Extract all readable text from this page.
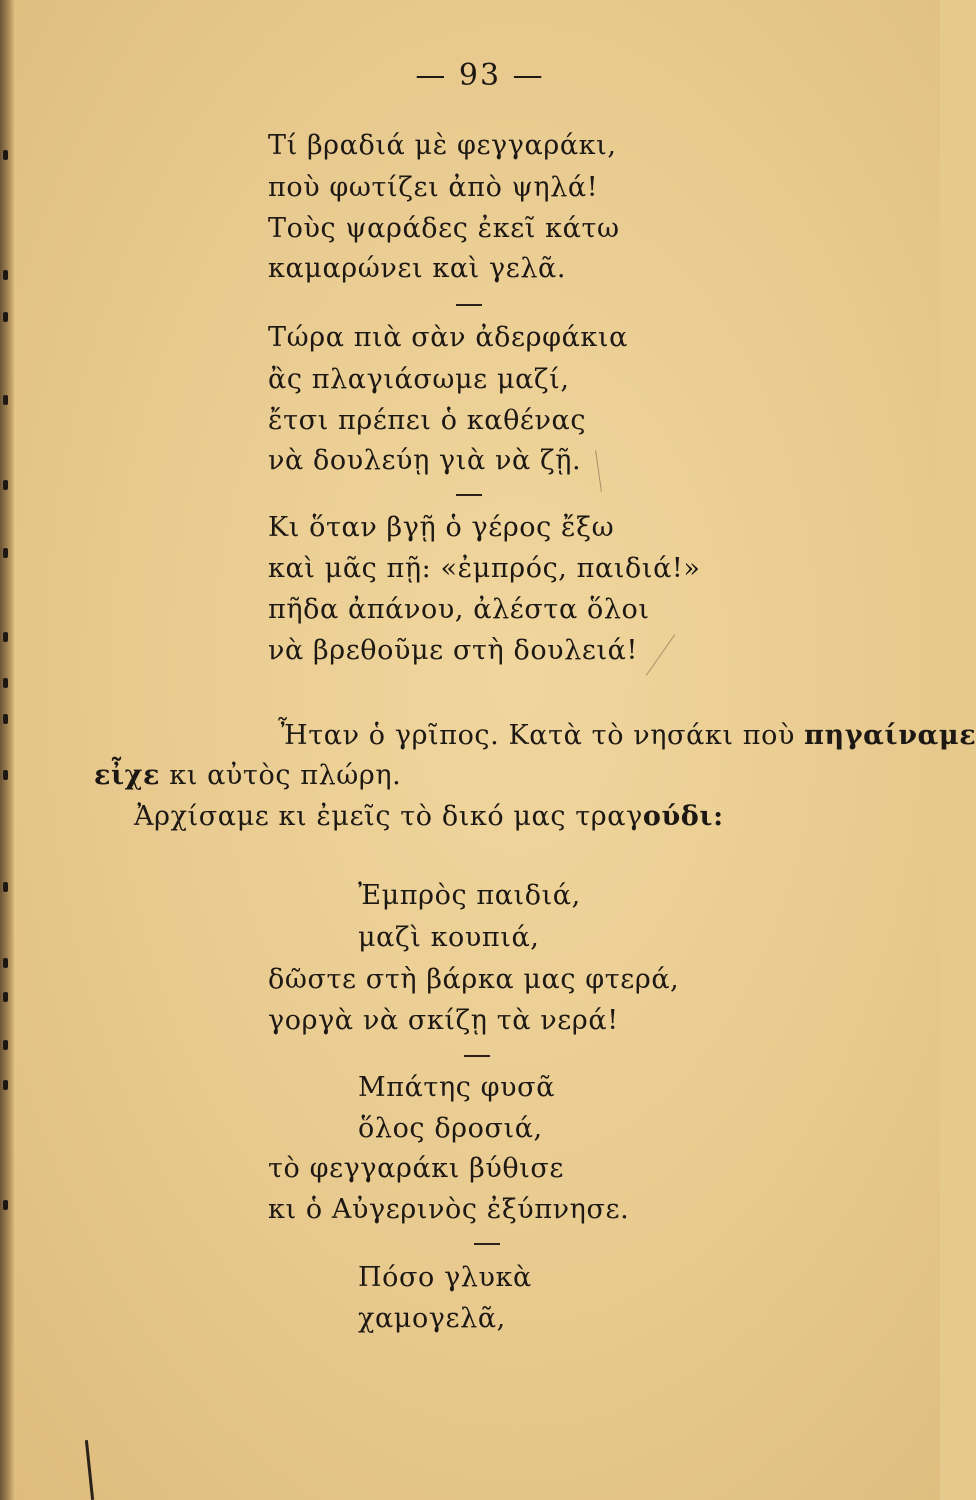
— 93 —
Τί βραδιά μὲ φεγγαράκι,
ποὺ φωτίζει ἀπὸ ψηλά!
Τοὺς ψαράδες ἐκεῖ κάτω
καμαρώνει καὶ γελᾶ.
Τώρα πιὰ σὰν ἀδερφάκια
ἂς πλαγιάσωμε μαζί,
ἔτσι πρέπει ὁ καθένας
νὰ δουλεύῃ γιὰ νὰ ζῇ.
Κι ὅταν βγῇ ὁ γέρος ἔξω
καὶ μᾶς πῇ: «ἐμπρός, παιδιά!»
πῆδα ἀπάνου, ἀλέστα ὅλοι
νὰ βρεθοῦμε στὴ δουλειά!
Ἦταν ὁ γρῖπος. Κατὰ τὸ νησάκι ποὺ πηγαίναμε
εἶχε κι αὐτὸς πλώρη.
Ἀρχίσαμε κι ἐμεῖς τὸ δικό μας τραγούδι:
Ἐμπρὸς παιδιά,
μαζὶ κουπιά,
δῶστε στὴ βάρκα μας φτερά,
γοργὰ νὰ σκίζῃ τὰ νερά!
Μπάτης φυσᾶ
ὅλος δροσιά,
τὸ φεγγαράκι βύθισε
κι ὁ Αὐγερινὸς ἐξύπνησε.
Πόσο γλυκὰ
χαμογελᾶ,
